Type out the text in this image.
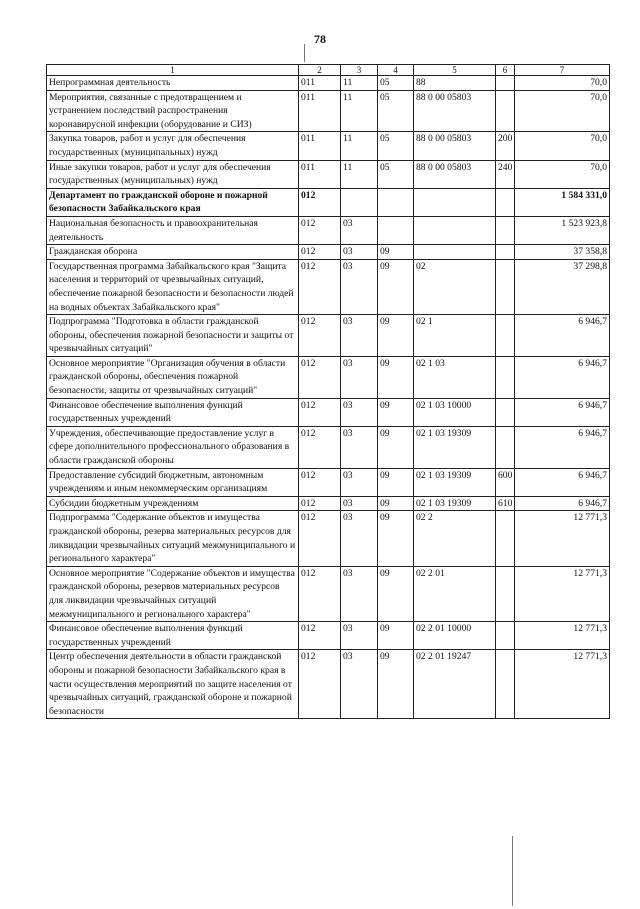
78
1	2	3	4	5	6	7
Непрограммная деятельность	011	11	05	88		70,0
Мероприятия, связанные с предотвращением и устранением последствий распространения коронавирусной инфекции (оборудование и СИЗ)	011	11	05	88 0 00 05803		70,0
Закупка товаров, работ и услуг для обеспечения государственных (муниципальных) нужд	011	11	05	88 0 00 05803	200	70,0
Иные закупки товаров, работ и услуг для обеспечения государственных (муниципальных) нужд	011	11	05	88 0 00 05803	240	70,0
Департамент по гражданской обороне и пожарной безопасности Забайкальского края	012					1 584 331,0
Национальная безопасность и правоохранительная деятельность	012	03				1 523 923,8
Гражданская оборона	012	03	09			37 358,8
Государственная программа Забайкальского края "Защита населения и территорий от чрезвычайных ситуаций, обеспечение пожарной безопасности и безопасности людей на водных объектах Забайкальского края"	012	03	09	02		37 298,8
Подпрограмма "Подготовка в области гражданской обороны, обеспечения пожарной безопасности и защиты от чрезвычайных ситуаций"	012	03	09	02 1		6 946,7
Основное мероприятие "Организация обучения в области гражданской обороны, обеспечения пожарной безопасности, защиты от чрезвычайных ситуаций"	012	03	09	02 1 03		6 946,7
Финансовое обеспечение выполнения функций государственных учреждений	012	03	09	02 1 03 10000		6 946,7
Учреждения, обеспечивающие предоставление услуг в сфере дополнительного профессионального образования в области гражданской обороны	012	03	09	02 1 03 19309		6 946,7
Предоставление субсидий бюджетным, автономным учреждениям и иным некоммерческим организациям	012	03	09	02 1 03 19309	600	6 946,7
Субсидии бюджетным учреждениям	012	03	09	02 1 03 19309	610	6 946,7
Подпрограмма "Содержание объектов и имущества гражданской обороны, резерва материальных ресурсов для ликвидации чрезвычайных ситуаций межмуниципального и регионального характера"	012	03	09	02 2		12 771,3
Основное мероприятие "Содержание объектов и имущества гражданской обороны, резервов материальных ресурсов для ликвидации чрезвычайных ситуаций межмуниципального и регионального характера"	012	03	09	02 2 01		12 771,3
Финансовое обеспечение выполнения функций государственных учреждений	012	03	09	02 2 01 10000		12 771,3
Центр обеспечения деятельности в области гражданской обороны и пожарной безопасности Забайкальского края в части осуществления мероприятий по защите населения от чрезвычайных ситуаций, гражданской обороне и пожарной безопасности	012	03	09	02 2 01 19247		12 771,3
